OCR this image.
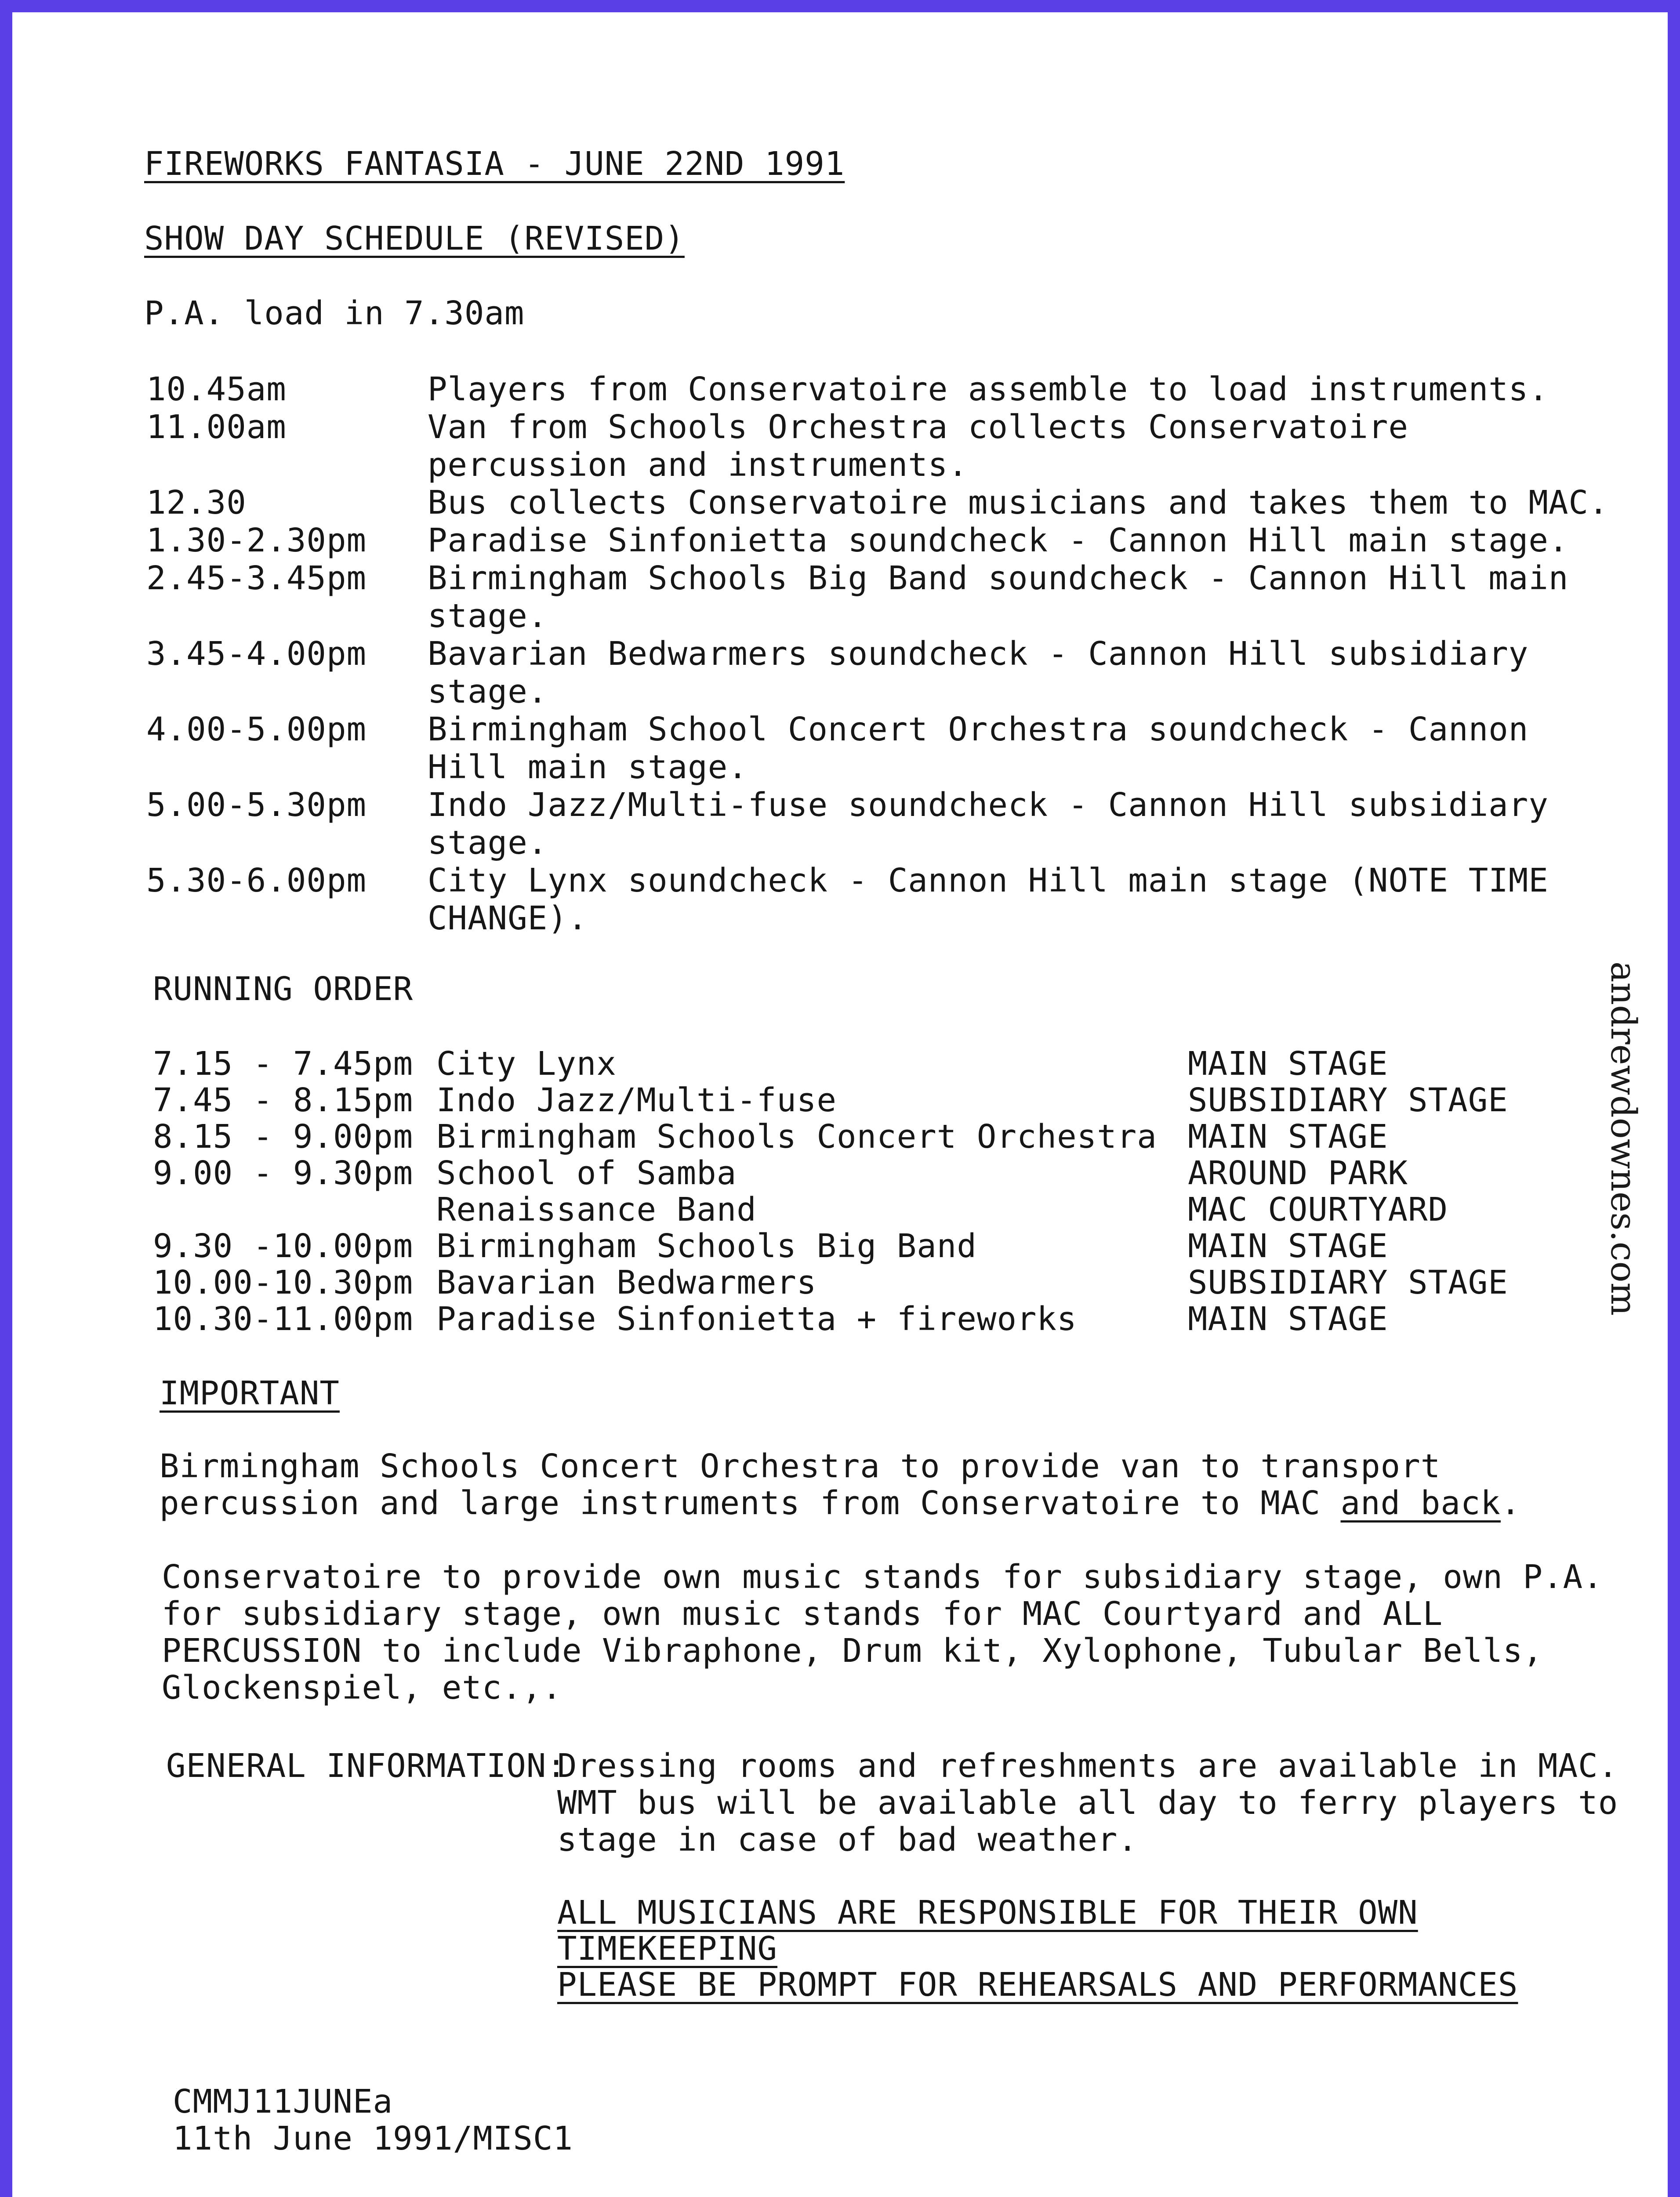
andrewdownes.com
FIREWORKS FANTASIA - JUNE 22ND 1991
SHOW DAY SCHEDULE (REVISED)
P.A. load in 7.30am
10.45am	Players from Conservatoire assemble to load instruments.
11.00am	Van from Schools Orchestra collects Conservatoire
percussion and instruments.
12.30	Bus collects Conservatoire musicians and takes them to MAC.
1.30-2.30pm Paradise Sinfonietta soundcheck - Cannon Hill main stage.
2.45-3.45pm Birmingham Schools Big Band soundcheck - Cannon Hill main
stage.
3.45-4.00pm Bavarian Bedwarmers soundcheck - Cannon Hill subsidiary
stage.
4.00-5.00pm Birmingham School Concert Orchestra soundcheck - Cannon
Hill main stage.
5.00-5.30pm Indo Jazz/Multi-fuse soundcheck - Cannon Hill subsidiary
stage.
5.30-6.00pm City Lynx soundcheck - Cannon Hill main stage (NOTE TIME
CHANGE).
RUNNING ORDER
7.15 - 7.45pm City Lynx	MAIN STAGE
7.45 - 8.15pm Indo Jazz/Multi-fuse	SUBSIDIARY STAGE
8.15 - 9.00pm Birmingham Schools Concert Orchestra MAIN STAGE
9.00 - 9.30pm School of Samba	AROUND PARK
Renaissance Band	MAC COURTYARD
9.30 -10.00pm Birmingham Schools Big Band	MAIN STAGE
10.00-10.30pm Bavarian Bedwarmers	SUBSIDIARY STAGE
10.30-11.00pm Paradise Sinfonietta + fireworks	MAIN STAGE
IMPORTANT
Birmingham Schools Concert Orchestra to provide van to transport
percussion and large instruments from Conservatoire to MAC and back.
Conservatoire to provide own music stands for subsidiary stage, own P.A.
for subsidiary stage, own music stands for MAC Courtyard and ALL
PERCUSSION to include Vibraphone, Drum kit, Xylophone, Tubular Bells,
Glockenspiel, etc.,.
GENERAL INFORMATION:
Dressing rooms and refreshments are available in MAC.
WMT bus will be available all day to ferry players to
stage in case of bad weather.
ALL MUSICIANS ARE RESPONSIBLE FOR THEIR OWN
TIMEKEEPING
PLEASE BE PROMPT FOR REHEARSALS AND PERFORMANCES
CMMJ11JUNEa
11th June 1991/MISC1
